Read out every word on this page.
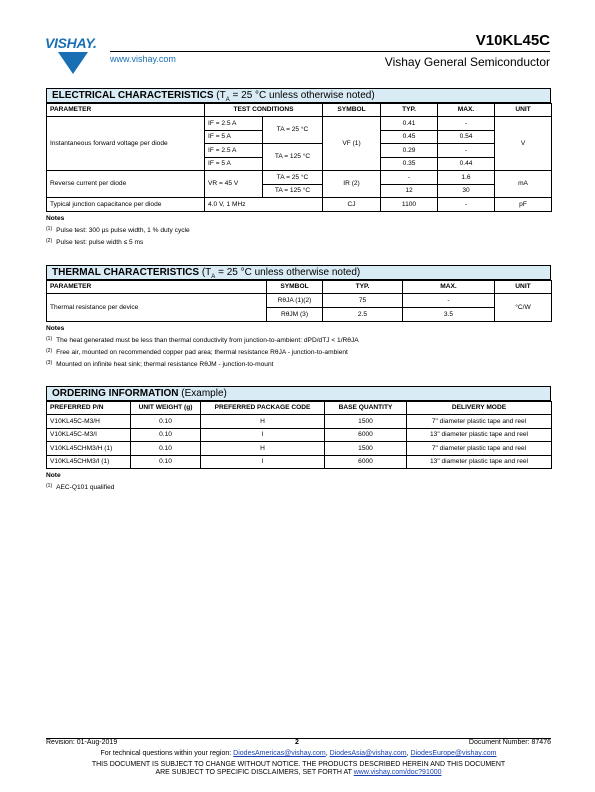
VISHAY.
www.vishay.com
V10KL45C
Vishay General Semiconductor
ELECTRICAL CHARACTERISTICS ($T_A = 25$ °C unless otherwise noted)
PARAMETER	TEST CONDITIONS		SYMBOL	TYP.	MAX.	UNIT
Instantaneous forward voltage per diode	IF = 2.5 A	TA = 25 °C	VF (1)	0.41	-	V
	IF = 5 A			0.45	0.54	
	IF = 2.5 A	TA = 125 °C		0.29	-	
	IF = 5 A			0.35	0.44	
Reverse current per diode	VR = 45 V	TA = 25 °C	IR (2)	-	1.6	mA
		TA = 125 °C		12	30	
Typical junction capacitance per diode	4.0 V, 1 MHz		CJ	1100	-	pF
Notes
$^{(1)}$ Pulse test: 300 µs pulse width, 1 % duty cycle
$^{(2)}$ Pulse test: pulse width ≤ 5 ms
THERMAL CHARACTERISTICS ($T_A = 25$ °C unless otherwise noted)
PARAMETER	SYMBOL	TYP.	MAX.	UNIT
Thermal resistance per device	RθJA (1)(2)	75	-	°C/W
	RθJM (3)	2.5	3.5	
Notes
$^{(1)}$ The heat generated must be less than thermal conductivity from junction-to-ambient: dPD/dTJ < 1/RθJA
$^{(2)}$ Free air, mounted on recommended copper pad area; thermal resistance RθJA - junction-to-ambient
$^{(3)}$ Mounted on infinite heat sink; thermal resistance RθJM - junction-to-mount
ORDERING INFORMATION (Example)
PREFERRED P/N	UNIT WEIGHT (g)	PREFERRED PACKAGE CODE	BASE QUANTITY	DELIVERY MODE
V10KL45C-M3/H	0.10	H	1500	7" diameter plastic tape and reel
V10KL45C-M3/I	0.10	I	6000	13" diameter plastic tape and reel
V10KL45CHM3/H (1)	0.10	H	1500	7" diameter plastic tape and reel
V10KL45CHM3/I (1)	0.10	I	6000	13" diameter plastic tape and reel
Note
$^{(1)}$ AEC-Q101 qualified
Revision: 01-Aug-2019	2	Document Number: 87476
For technical questions within your region: DiodesAmericas@vishay.com, DiodesAsia@vishay.com, DiodesEurope@vishay.com
THIS DOCUMENT IS SUBJECT TO CHANGE WITHOUT NOTICE. THE PRODUCTS DESCRIBED HEREIN AND THIS DOCUMENT
ARE SUBJECT TO SPECIFIC DISCLAIMERS, SET FORTH AT www.vishay.com/doc?91000
